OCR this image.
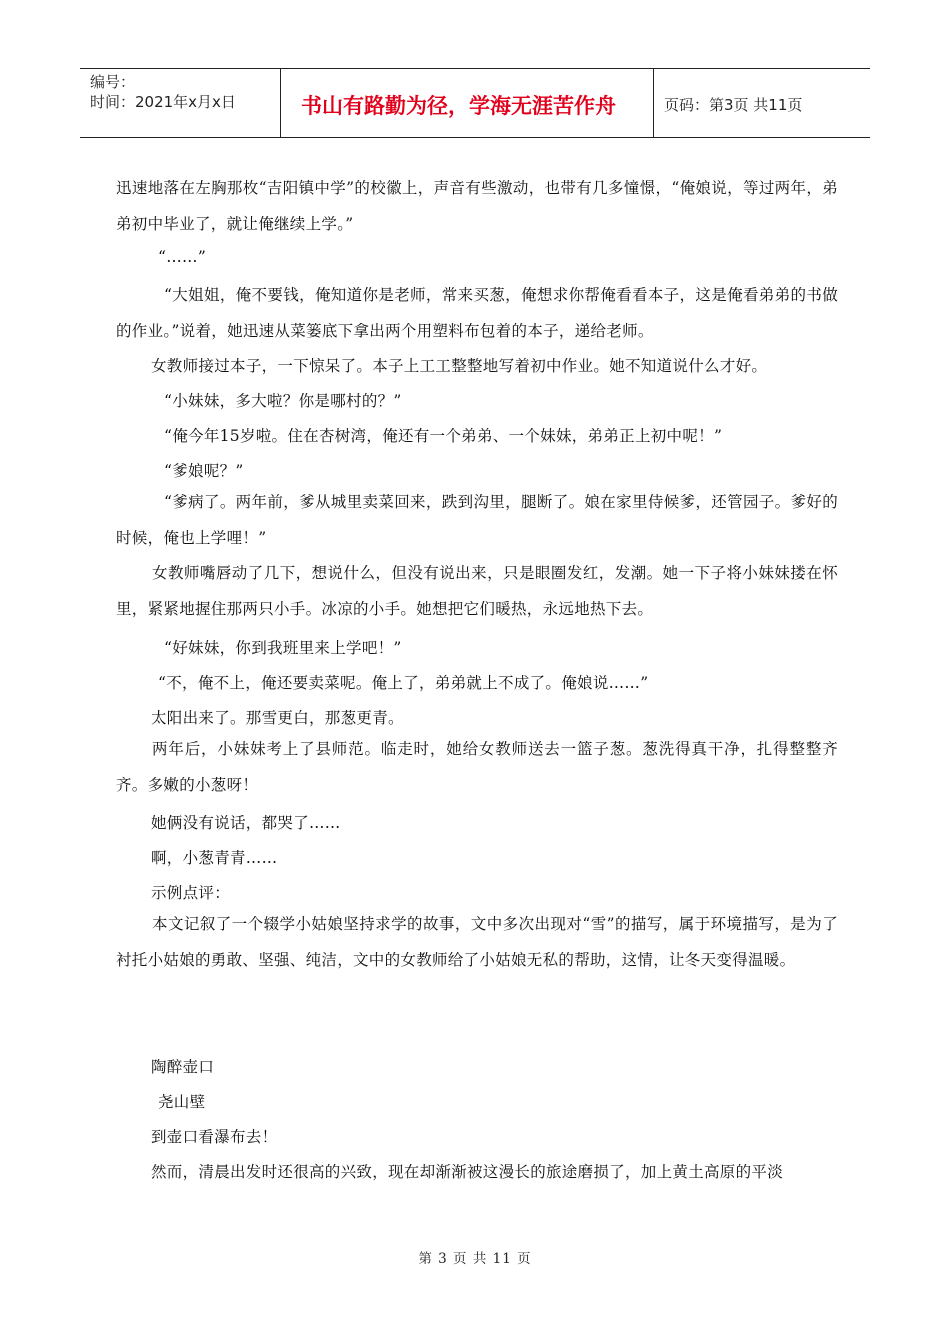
编号：
时间：2021年x月x日	书山有路勤为径，学海无涯苦作舟	页码：第3页 共11页

迅速地落在左胸那枚“吉阳镇中学”的校徽上，声音有些激动，也带有几多憧憬，“俺娘说，等过两年，弟弟初中毕业了，就让俺继续上学。”

“……”

“大姐姐，俺不要钱，俺知道你是老师，常来买葱，俺想求你帮俺看看本子，这是俺看弟弟的书做的作业。”说着，她迅速从菜篓底下拿出两个用塑料布包着的本子，递给老师。

女教师接过本子，一下惊呆了。本子上工工整整地写着初中作业。她不知道说什么才好。

“小妹妹，多大啦？你是哪村的？”

“俺今年15岁啦。住在杏树湾，俺还有一个弟弟、一个妹妹，弟弟正上初中呢！”

“爹娘呢？”

“爹病了。两年前，爹从城里卖菜回来，跌到沟里，腿断了。娘在家里侍候爹，还管园子。爹好的时候，俺也上学哩！”

女教师嘴唇动了几下，想说什么，但没有说出来，只是眼圈发红，发潮。她一下子将小妹妹搂在怀里，紧紧地握住那两只小手。冰凉的小手。她想把它们暖热，永远地热下去。

“好妹妹，你到我班里来上学吧！”

“不，俺不上，俺还要卖菜呢。俺上了，弟弟就上不成了。俺娘说……”

太阳出来了。那雪更白，那葱更青。

两年后，小妹妹考上了县师范。临走时，她给女教师送去一篮子葱。葱洗得真干净，扎得整整齐齐。多嫩的小葱呀！

她俩没有说话，都哭了……

啊，小葱青青……

示例点评：

本文记叙了一个辍学小姑娘坚持求学的故事，文中多次出现对“雪”的描写，属于环境描写，是为了衬托小姑娘的勇敢、坚强、纯洁，文中的女教师给了小姑娘无私的帮助，这情，让冬天变得温暖。

陶醉壶口

尧山壁

到壶口看瀑布去！

然而，清晨出发时还很高的兴致，现在却渐渐被这漫长的旅途磨损了，加上黄土高原的平淡

第 3 页 共 11 页
